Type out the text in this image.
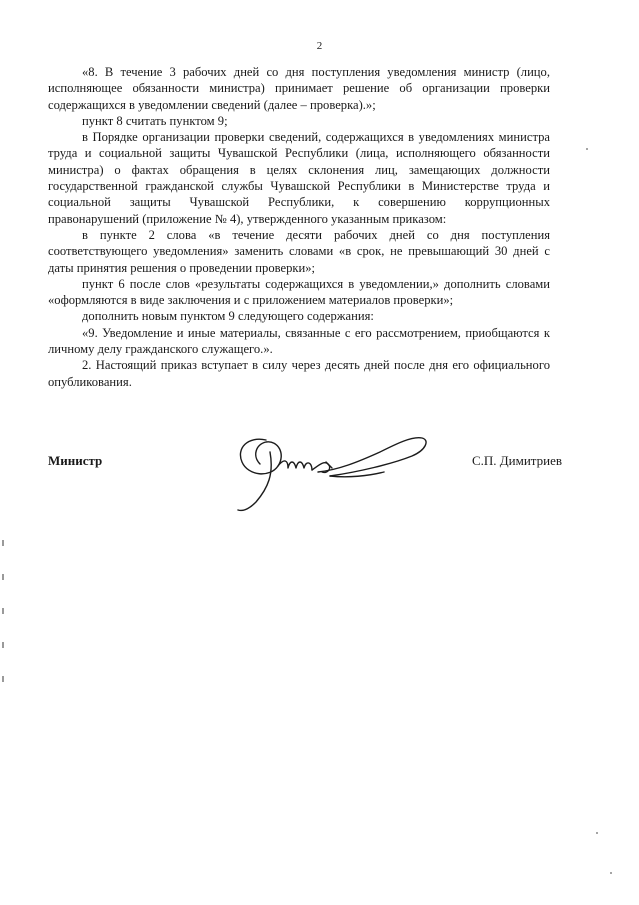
2

«8. В течение 3 рабочих дней со дня поступления уведомления министр (лицо, исполняющее обязанности министра) принимает решение об организации проверки содержащихся в уведомлении сведений (далее – проверка).»;

пункт 8 считать пунктом 9;

в Порядке организации проверки сведений, содержащихся в уведомлениях министра труда и социальной защиты Чувашской Республики (лица, исполняющего обязанности министра) о фактах обращения в целях склонения лиц, замещающих должности государственной гражданской службы Чувашской Республики в Министерстве труда и социальной защиты Чувашской Республики, к совершению коррупционных правонарушений (приложение № 4), утвержденного указанным приказом:

в пункте 2 слова «в течение десяти рабочих дней со дня поступления соответствующего уведомления» заменить словами «в срок, не превышающий 30 дней с даты принятия решения о проведении проверки»;

пункт 6 после слов «результаты содержащихся в уведомлении,» дополнить словами «оформляются в виде заключения и с приложением материалов проверки»;

дополнить новым пунктом 9 следующего содержания:

«9. Уведомление и иные материалы, связанные с его рассмотрением, приобщаются к личному делу гражданского служащего.».

2. Настоящий приказ вступает в силу через десять дней после дня его официального опубликования.

Министр	С.П. Димитриев
